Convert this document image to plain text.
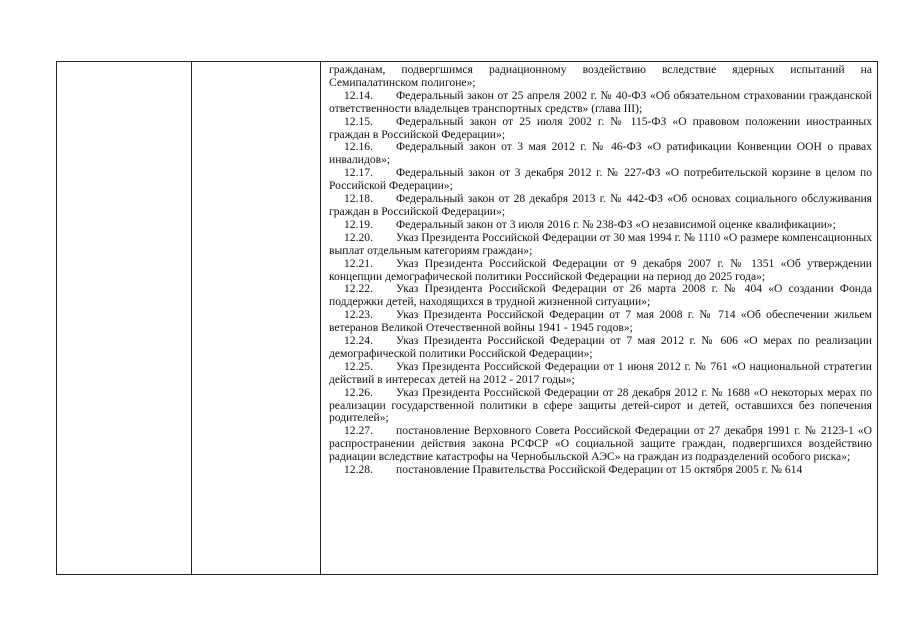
гражданам, подвергшимся радиационному воздействию вследствие ядерных испытаний на Семипалатинском полигоне»;

12.14. Федеральный закон от 25 апреля 2002 г. № 40-ФЗ «Об обязательном страховании гражданской ответственности владельцев транспортных средств» (глава III);

12.15. Федеральный закон от 25 июля 2002 г. № 115-ФЗ «О правовом положении иностранных граждан в Российской Федерации»;

12.16. Федеральный закон от 3 мая 2012 г. № 46-ФЗ «О ратификации Конвенции ООН о правах инвалидов»;

12.17. Федеральный закон от 3 декабря 2012 г. № 227-ФЗ «О потребительской корзине в целом по Российской Федерации»;

12.18. Федеральный закон от 28 декабря 2013 г. № 442-ФЗ «Об основах социального обслуживания граждан в Российской Федерации»;

12.19. Федеральный закон от 3 июля 2016 г. № 238-ФЗ «О независимой оценке квалификации»;

12.20. Указ Президента Российской Федерации от 30 мая 1994 г. № 1110 «О размере компенсационных выплат отдельным категориям граждан»;

12.21. Указ Президента Российской Федерации от 9 декабря 2007 г. № 1351 «Об утверждении концепции демографической политики Российской Федерации на период до 2025 года»;

12.22. Указ Президента Российской Федерации от 26 марта 2008 г. № 404 «О создании Фонда поддержки детей, находящихся в трудной жизненной ситуации»;

12.23. Указ Президента Российской Федерации от 7 мая 2008 г. № 714 «Об обеспечении жильем ветеранов Великой Отечественной войны 1941 - 1945 годов»;

12.24. Указ Президента Российской Федерации от 7 мая 2012 г. № 606 «О мерах по реализации демографической политики Российской Федерации»;

12.25. Указ Президента Российской Федерации от 1 июня 2012 г. № 761 «О национальной стратегии действий в интересах детей на 2012 - 2017 годы»;

12.26. Указ Президента Российской Федерации от 28 декабря 2012 г. № 1688 «О некоторых мерах по реализации государственной политики в сфере защиты детей-сирот и детей, оставшихся без попечения родителей»;

12.27. постановление Верховного Совета Российской Федерации от 27 декабря 1991 г. № 2123-1 «О распространении действия закона РСФСР «О социальной защите граждан, подвергшихся воздействию радиации вследствие катастрофы на Чернобыльской АЭС» на граждан из подразделений особого риска»;

12.28. постановление Правительства Российской Федерации от 15 октября 2005 г. № 614
